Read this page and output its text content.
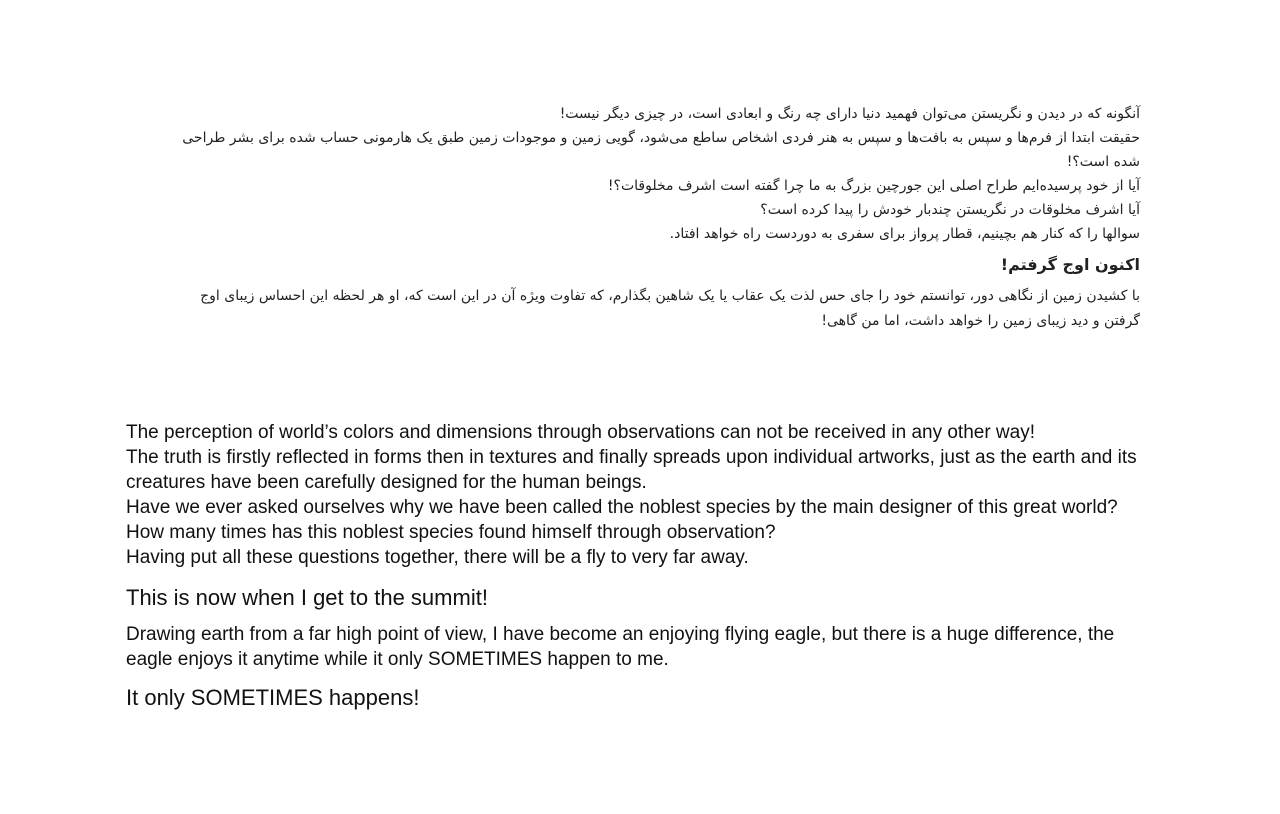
آنگونه که در دیدن و نگریستن می‌توان فهمید دنیا دارای چه رنگ و ابعادی است، در چیزی دیگر نیست!

حقیقت ابتدا از فرم‌ها و سپس به بافت‌ها و سپس به هنر فردی اشخاص ساطع می‌شود، گویی زمین و موجودات زمین طبق یک هارمونی حساب شده برای بشر طراحی شده است؟!

آیا از خود پرسیده‌ایم طراح اصلی این جورچین بزرگ به ما چرا گفته است اشرف مخلوقات؟!

آیا اشرف مخلوقات در نگریستن چندبار خودش را پیدا کرده است؟

سوالها را که کنار هم بچینیم، قطار پرواز برای سفری به دوردست راه خواهد افتاد.

اکنون اوج گرفتم!

با کشیدن زمین از نگاهی دور، توانستم خود را جای حس لذت یک عقاب یا یک شاهین بگذارم، که تفاوت ویژه آن در این است که، او هر لحظه این احساس زیبای اوج گرفتن و دید زیبای زمین را خواهد داشت، اما من گاهی!

The perception of world’s colors and dimensions through observations can not be received in any other way!

The truth is firstly reflected in forms then in textures and finally spreads upon individual artworks, just as the earth and its creatures have been carefully designed for the human beings.

Have we ever asked ourselves why we have been called the noblest species by the main designer of this great world?

How many times has this noblest species found himself through observation?

Having put all these questions together, there will be a fly to very far away.

This is now when I get to the summit!

Drawing earth from a far high point of view, I have become an enjoying flying eagle, but there is a huge difference, the eagle enjoys it anytime while it only SOMETIMES happen to me.

It only SOMETIMES happens!
